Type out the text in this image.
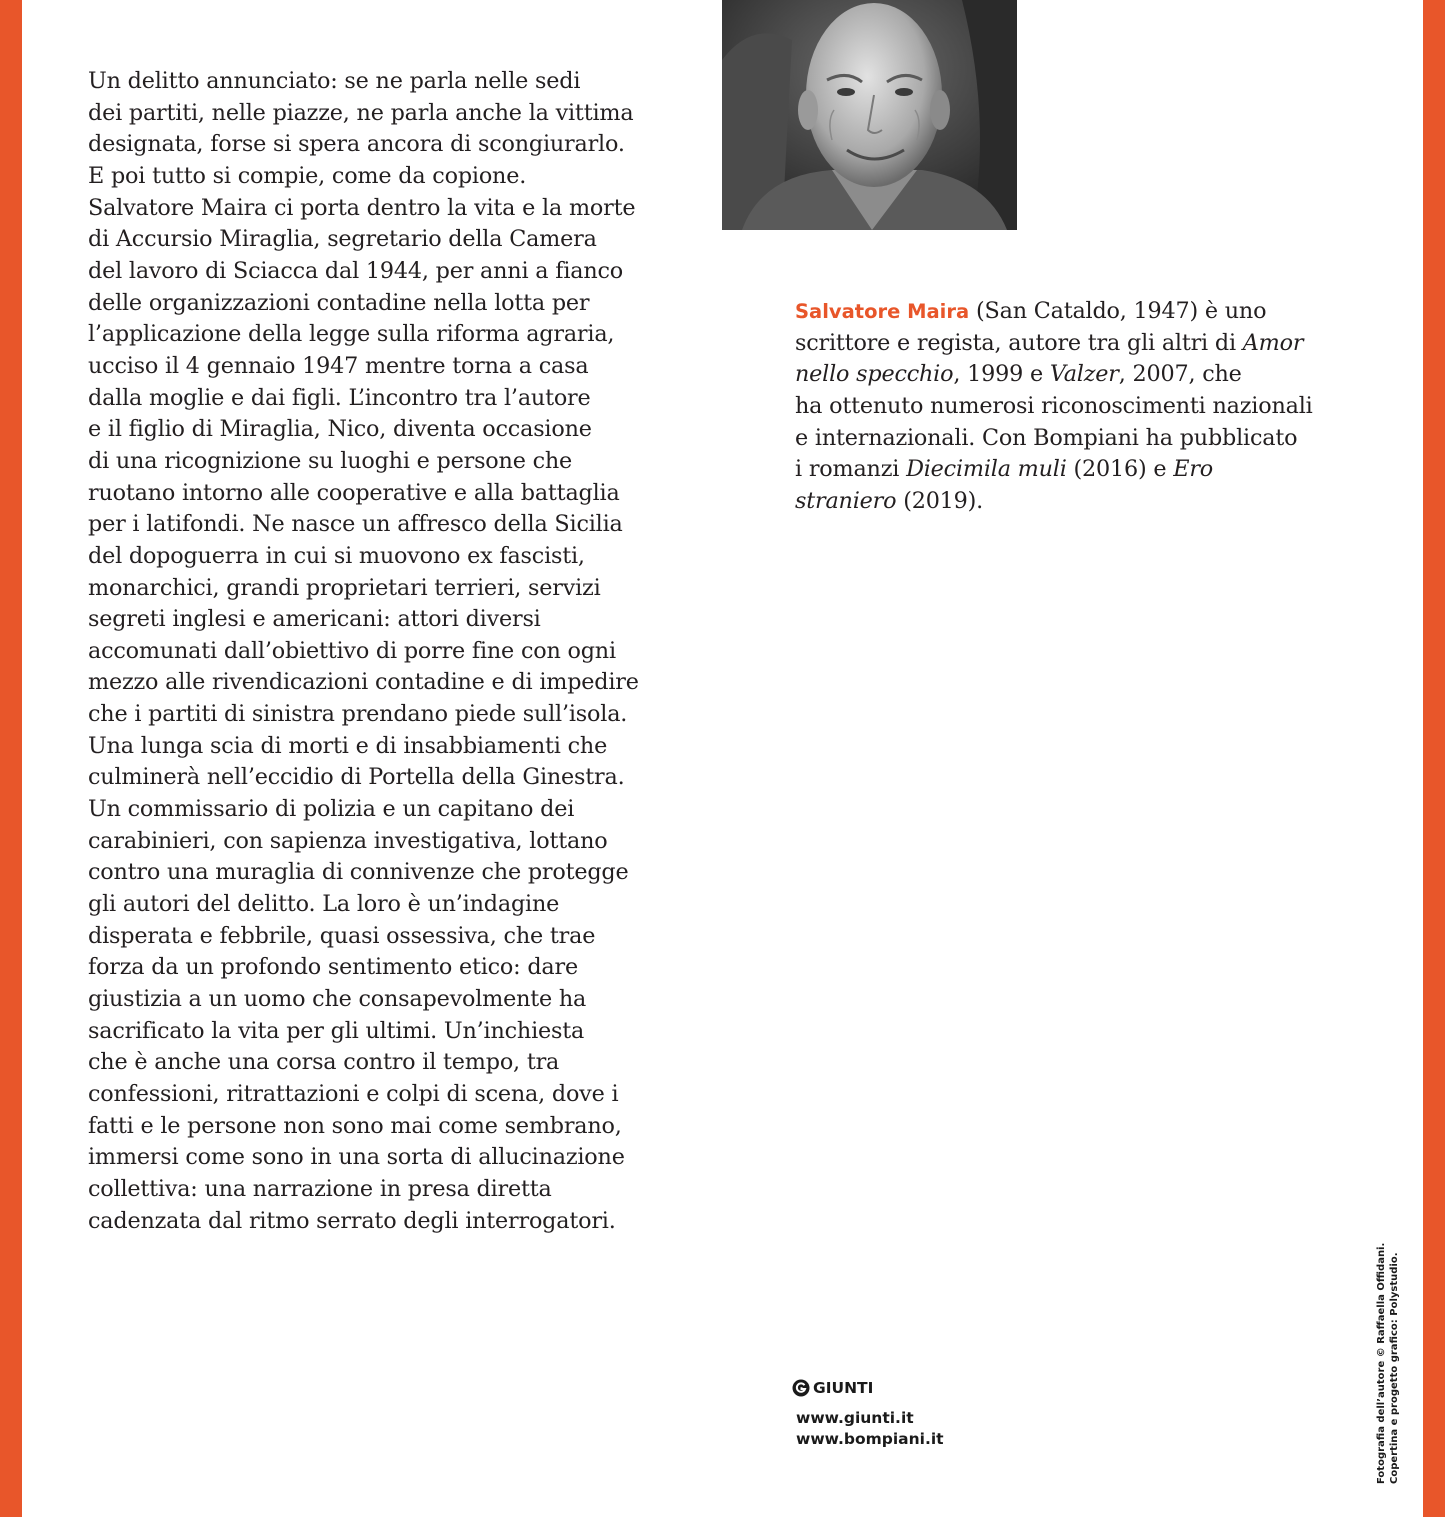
Un delitto annunciato: se ne parla nelle sedi
dei partiti, nelle piazze, ne parla anche la vittima
designata, forse si spera ancora di scongiurarlo.
E poi tutto si compie, come da copione.
Salvatore Maira ci porta dentro la vita e la morte
di Accursio Miraglia, segretario della Camera
del lavoro di Sciacca dal 1944, per anni a fianco
delle organizzazioni contadine nella lotta per
l’applicazione della legge sulla riforma agraria,
ucciso il 4 gennaio 1947 mentre torna a casa
dalla moglie e dai figli. L’incontro tra l’autore
e il figlio di Miraglia, Nico, diventa occasione
di una ricognizione su luoghi e persone che
ruotano intorno alle cooperative e alla battaglia
per i latifondi. Ne nasce un affresco della Sicilia
del dopoguerra in cui si muovono ex fascisti,
monarchici, grandi proprietari terrieri, servizi
segreti inglesi e americani: attori diversi
accomunati dall’obiettivo di porre fine con ogni
mezzo alle rivendicazioni contadine e di impedire
che i partiti di sinistra prendano piede sull’isola.
Una lunga scia di morti e di insabbiamenti che
culminerà nell’eccidio di Portella della Ginestra.
Un commissario di polizia e un capitano dei
carabinieri, con sapienza investigativa, lottano
contro una muraglia di connivenze che protegge
gli autori del delitto. La loro è un’indagine
disperata e febbrile, quasi ossessiva, che trae
forza da un profondo sentimento etico: dare
giustizia a un uomo che consapevolmente ha
sacrificato la vita per gli ultimi. Un’inchiesta
che è anche una corsa contro il tempo, tra
confessioni, ritrattazioni e colpi di scena, dove i
fatti e le persone non sono mai come sembrano,
immersi come sono in una sorta di allucinazione
collettiva: una narrazione in presa diretta
cadenzata dal ritmo serrato degli interrogatori.
Salvatore Maira (San Cataldo, 1947) è uno
scrittore e regista, autore tra gli altri di Amor
nello specchio, 1999 e Valzer, 2007, che
ha ottenuto numerosi riconoscimenti nazionali
e internazionali. Con Bompiani ha pubblicato
i romanzi Diecimila muli (2016) e Ero
straniero (2019).
GIUNTI
www.giunti.it
www.bompiani.it	Fotografia dell’autore © Raffaella Offidani. Copertina e progetto grafico: Polystudio.
